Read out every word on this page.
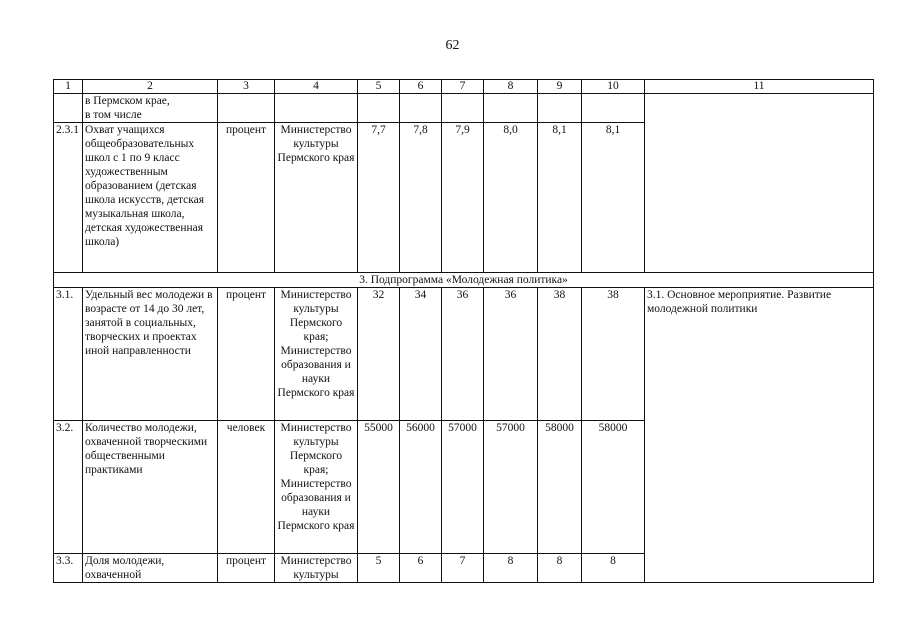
62
1	2	3	4	5	6	7	8	9	10	11
	в Пермском крае,
в том числе									
2.3.1	Охват учащихся общеобразовательных школ с 1 по 9 класс художественным образованием (детская школа искусств, детская музыкальная школа, детская художественная школа)	процент	Министерство культуры Пермского края	7,7	7,8	7,9	8,0	8,1	8,1	
3. Подпрограмма «Молодежная политика»										
3.1.	Удельный вес молодежи в возрасте от 14 до 30 лет, занятой в социальных, творческих и проектах иной направленности	процент	Министерство культуры Пермского края; Министерство образования и науки Пермского края	32	34	36	36	38	38	3.1. Основное мероприятие. Развитие молодежной политики
3.2.	Количество молодежи, охваченной творческими общественными практиками	человек	Министерство культуры Пермского края; Министерство образования и науки Пермского края	55000	56000	57000	57000	58000	58000	
3.3.	Доля молодежи, охваченной	процент	Министерство культуры	5	6	7	8	8	8	
